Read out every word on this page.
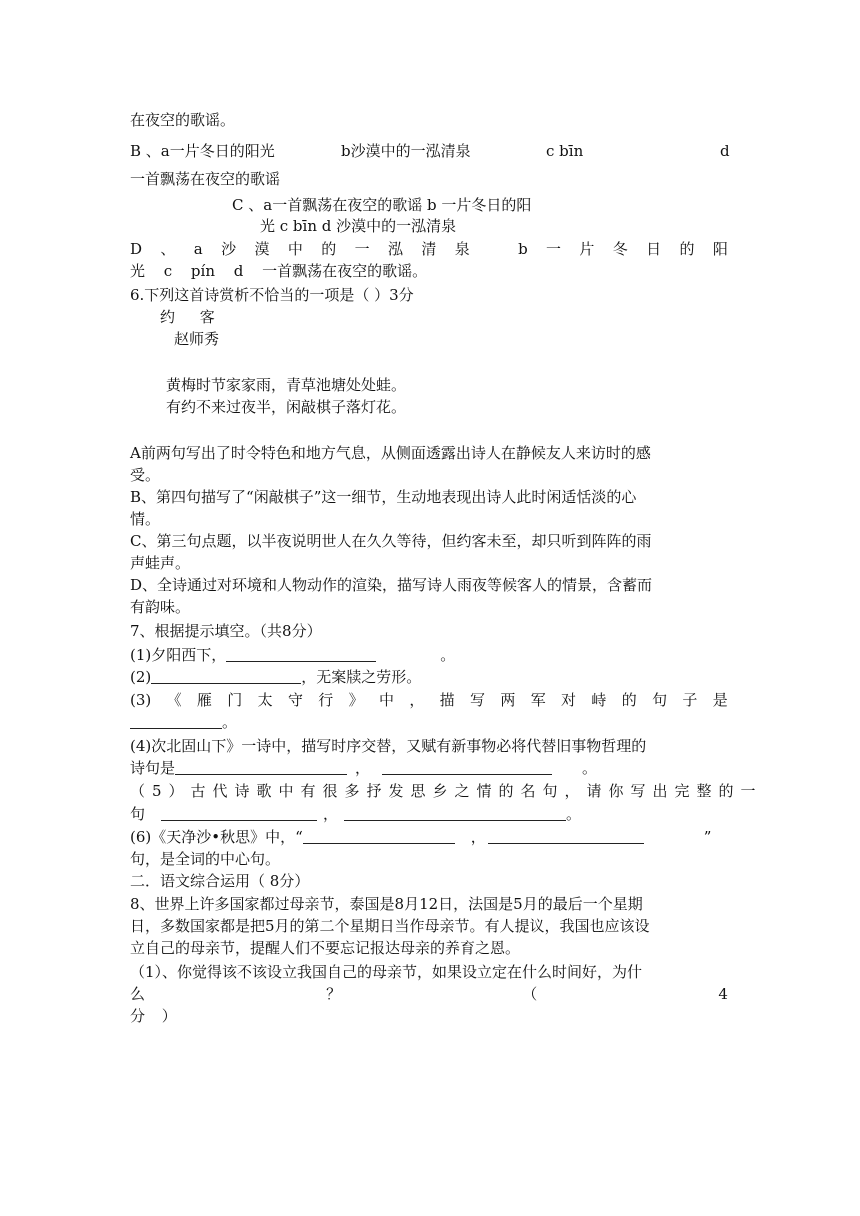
在夜空的歌谣。
B 、a一片冬日的阳光	b沙漠中的一泓清泉	c bīn	d
一首飘荡在夜空的歌谣
C 、a一首飘荡在夜空的歌谣 b 一片冬日的阳
光 c bīn d 沙漠中的一泓清泉
D 、 a 沙 漠 中 的 一 泓 清 泉	b 一 片 冬 日 的 阳
光 c pín d 一首飘荡在夜空的歌谣。
6.下列这首诗赏析不恰当的一项是（ ）3分
约 客
赵师秀
黄梅时节家家雨，青草池塘处处蛙。
有约不来过夜半，闲敲棋子落灯花。
A前两句写出了时令特色和地方气息，从侧面透露出诗人在静候友人来访时的感
受。
B、第四句描写了“闲敲棋子”这一细节，生动地表现出诗人此时闲适恬淡的心
情。
C、第三句点题，以半夜说明世人在久久等待，但约客未至，却只听到阵阵的雨
声蛙声。
D、全诗通过对环境和人物动作的渲染，描写诗人雨夜等候客人的情景，含蓄而
有韵味。
7、根据提示填空。（共8分）
(1)夕阳西下，	。
(2)	，无案牍之劳形。
(3) 《 雁 门 太 守 行 》 中 ， 描 写 两 军 对 峙 的 句 子 是
。
(4)次北固山下》一诗中，描写时序交替，又赋有新事物必将代替旧事物哲理的
诗句是	，	。
（5）古代诗歌中有很多抒发思乡之情的名句，请你写出完整的一
句	，	。
(6)《天净沙•秋思》中，“	，	”
句，是全词的中心句。
二．语文综合运用（ 8分）
8、世界上许多国家都过母亲节，泰国是8月12日，法国是5月的最后一个星期
日，多数国家都是把5月的第二个星期日当作母亲节。有人提议，我国也应该设
立自己的母亲节，提醒人们不要忘记报达母亲的养育之恩。
（1）、你觉得该不该设立我国自己的母亲节，如果设立定在什么时间好，为什
么	？	（	4
分 ）
